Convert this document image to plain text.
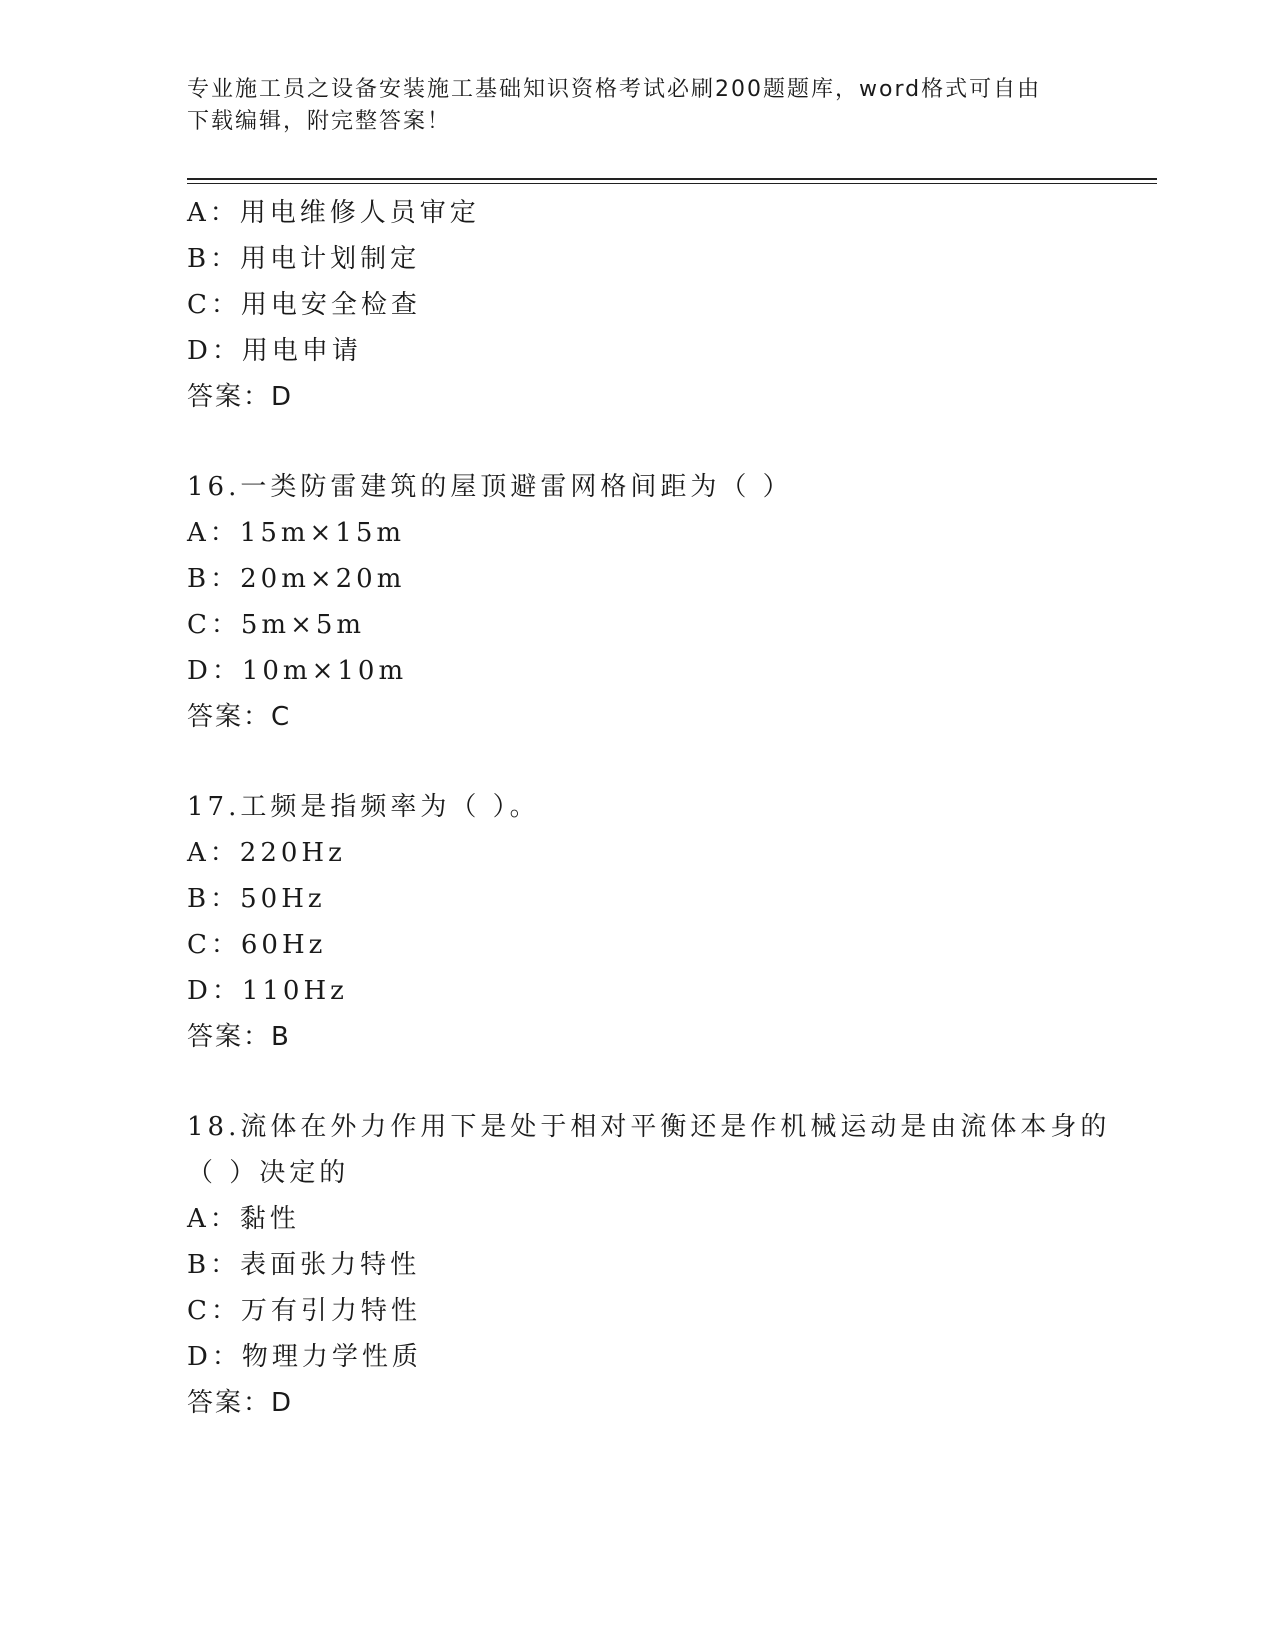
专业施工员之设备安装施工基础知识资格考试必刷200题题库，word格式可自由
下载编辑，附完整答案！
A：用电维修人员审定
B：用电计划制定
C：用电安全检查
D：用电申请
答案：D
16.一类防雷建筑的屋顶避雷网格间距为（ ）
A：15m×15m
B：20m×20m
C：5m×5m
D：10m×10m
答案：C
17.工频是指频率为（ ）。
A：220Hz
B：50Hz
C：60Hz
D：110Hz
答案：B
18.流体在外力作用下是处于相对平衡还是作机械运动是由流体本身的
（ ）决定的
A：黏性
B：表面张力特性
C：万有引力特性
D：物理力学性质
答案：D
